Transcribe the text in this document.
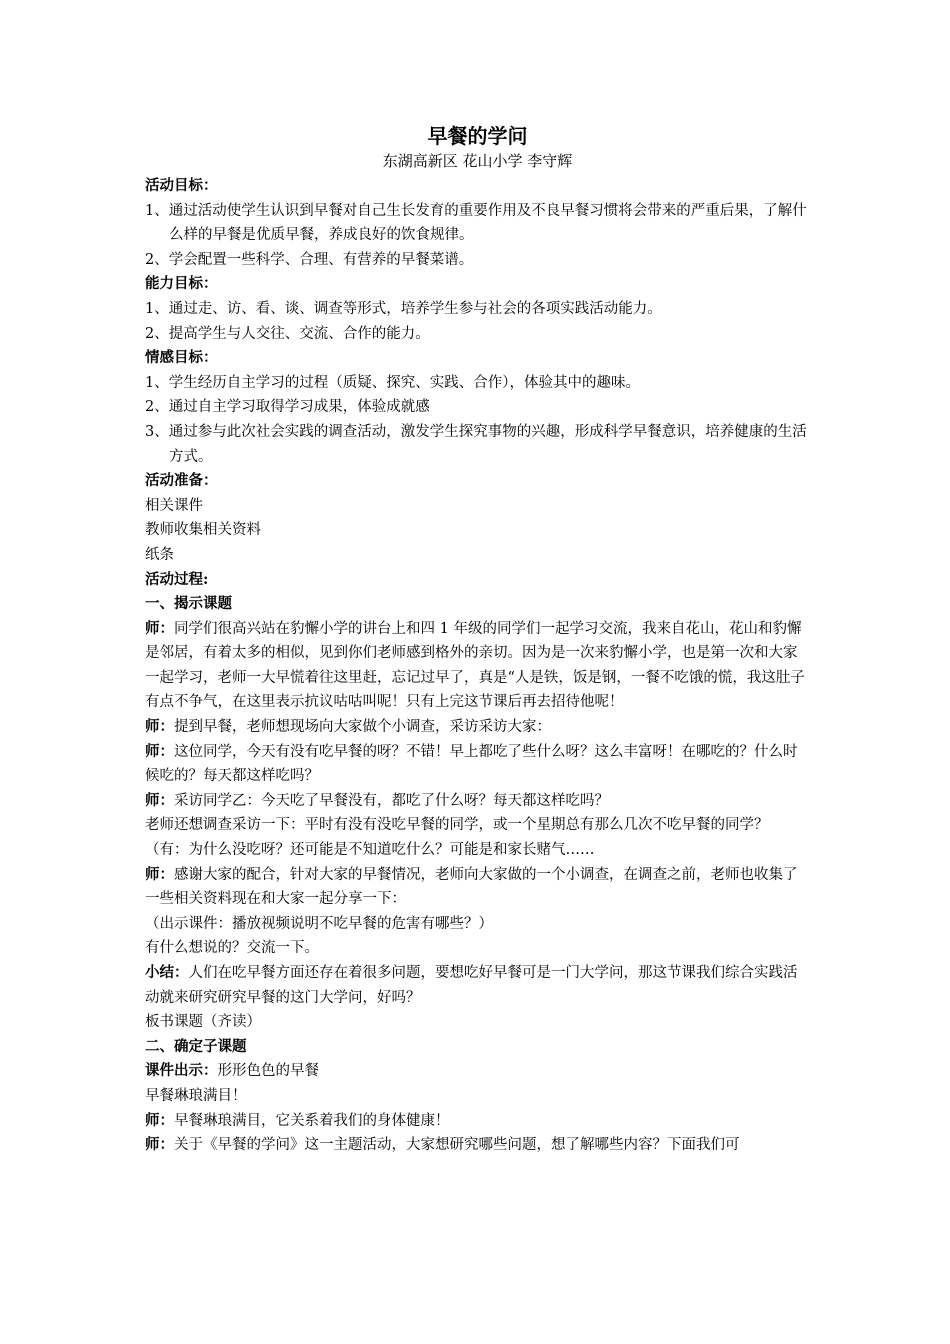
早餐的学问
东湖高新区 花山小学 李守辉
活动目标：
1、通过活动使学生认识到早餐对自己生长发育的重要作用及不良早餐习惯将会带来的严重后果，了解什么样的早餐是优质早餐，养成良好的饮食规律。
2、学会配置一些科学、合理、有营养的早餐菜谱。
能力目标：
1、通过走、访、看、谈、调查等形式，培养学生参与社会的各项实践活动能力。
2、提高学生与人交往、交流、合作的能力。
情感目标：
1、学生经历自主学习的过程（质疑、探究、实践、合作），体验其中的趣味。
2、通过自主学习取得学习成果，体验成就感
3、通过参与此次社会实践的调查活动，激发学生探究事物的兴趣，形成科学早餐意识，培养健康的生活方式。
活动准备：
相关课件
教师收集相关资料
纸条
活动过程:
一、揭示课题
师：同学们很高兴站在豹懈小学的讲台上和四 1 年级的同学们一起学习交流，我来自花山，花山和豹懈是邻居，有着太多的相似，见到你们老师感到格外的亲切。因为是一次来豹懈小学，也是第一次和大家一起学习，老师一大早慌着往这里赶，忘记过早了，真是“人是铁，饭是钢，一餐不吃饿的慌，我这肚子有点不争气，在这里表示抗议咕咕叫呢！只有上完这节课后再去招待他呢！
师：提到早餐，老师想现场向大家做个小调查，采访采访大家：
师：这位同学，今天有没有吃早餐的呀？不错！早上都吃了些什么呀？这么丰富呀！在哪吃的？什么时候吃的？每天都这样吃吗？
师：采访同学乙：今天吃了早餐没有，都吃了什么呀？每天都这样吃吗？
老师还想调查采访一下：平时有没有没吃早餐的同学，或一个星期总有那么几次不吃早餐的同学？
（有：为什么没吃呀？还可能是不知道吃什么？可能是和家长赌气……
师：感谢大家的配合，针对大家的早餐情况，老师向大家做的一个小调查，在调查之前，老师也收集了一些相关资料现在和大家一起分享一下：
（出示课件：播放视频说明不吃早餐的危害有哪些？）
有什么想说的？交流一下。
小结：人们在吃早餐方面还存在着很多问题，要想吃好早餐可是一门大学问，那这节课我们综合实践活动就来研究研究早餐的这门大学问，好吗？
板书课题（齐读）
二、确定子课题
课件出示：形形色色的早餐
早餐琳琅满目！
师：早餐琳琅满目，它关系着我们的身体健康！
师：关于《早餐的学问》这一主题活动，大家想研究哪些问题，想了解哪些内容？下面我们可
